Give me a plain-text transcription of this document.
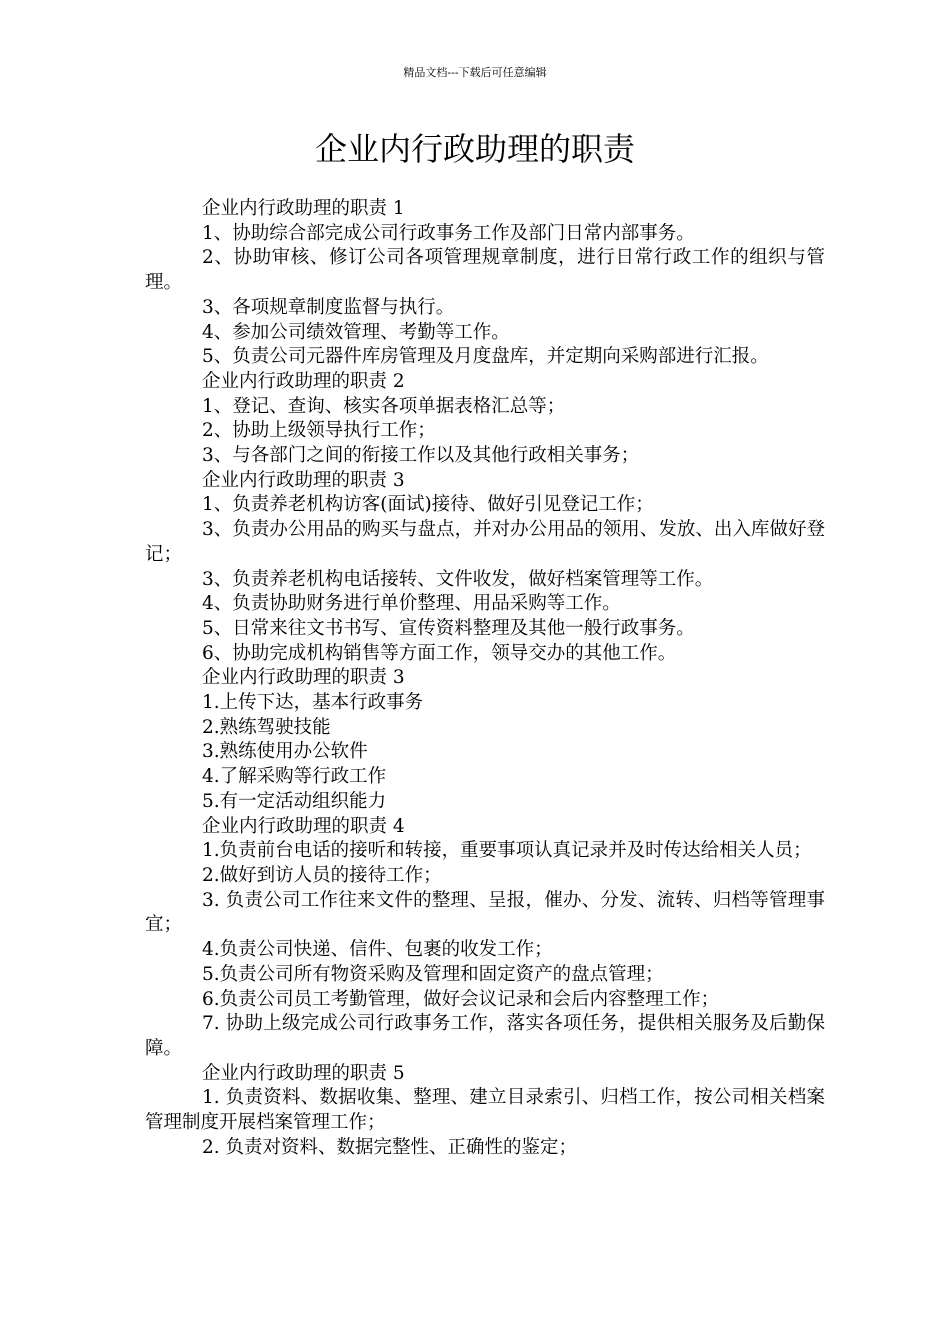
精品文档---下载后可任意编辑
企业内行政助理的职责

企业内行政助理的职责 1

1、协助综合部完成公司行政事务工作及部门日常内部事务。

2、协助审核、修订公司各项管理规章制度，进行日常行政工作的组织与管理。

3、各项规章制度监督与执行。

4、参加公司绩效管理、考勤等工作。

5、负责公司元器件库房管理及月度盘库，并定期向采购部进行汇报。

企业内行政助理的职责 2

1、登记、查询、核实各项单据表格汇总等；

2、协助上级领导执行工作；

3、与各部门之间的衔接工作以及其他行政相关事务；

企业内行政助理的职责 3

1、负责养老机构访客(面试)接待、做好引见登记工作；

3、负责办公用品的购买与盘点，并对办公用品的领用、发放、出入库做好登记；

3、负责养老机构电话接转、文件收发，做好档案管理等工作。

4、负责协助财务进行单价整理、用品采购等工作。

5、日常来往文书书写、宣传资料整理及其他一般行政事务。

6、协助完成机构销售等方面工作，领导交办的其他工作。

企业内行政助理的职责 3

1.上传下达，基本行政事务

2.熟练驾驶技能

3.熟练使用办公软件

4.了解采购等行政工作

5.有一定活动组织能力

企业内行政助理的职责 4

1.负责前台电话的接听和转接，重要事项认真记录并及时传达给相关人员；

2.做好到访人员的接待工作；

3. 负责公司工作往来文件的整理、呈报，催办、分发、流转、归档等管理事宜；

4.负责公司快递、信件、包裹的收发工作；

5.负责公司所有物资采购及管理和固定资产的盘点管理；

6.负责公司员工考勤管理，做好会议记录和会后内容整理工作；

7. 协助上级完成公司行政事务工作，落实各项任务，提供相关服务及后勤保障。

企业内行政助理的职责 5

1. 负责资料、数据收集、整理、建立目录索引、归档工作，按公司相关档案管理制度开展档案管理工作；

2. 负责对资料、数据完整性、正确性的鉴定；
